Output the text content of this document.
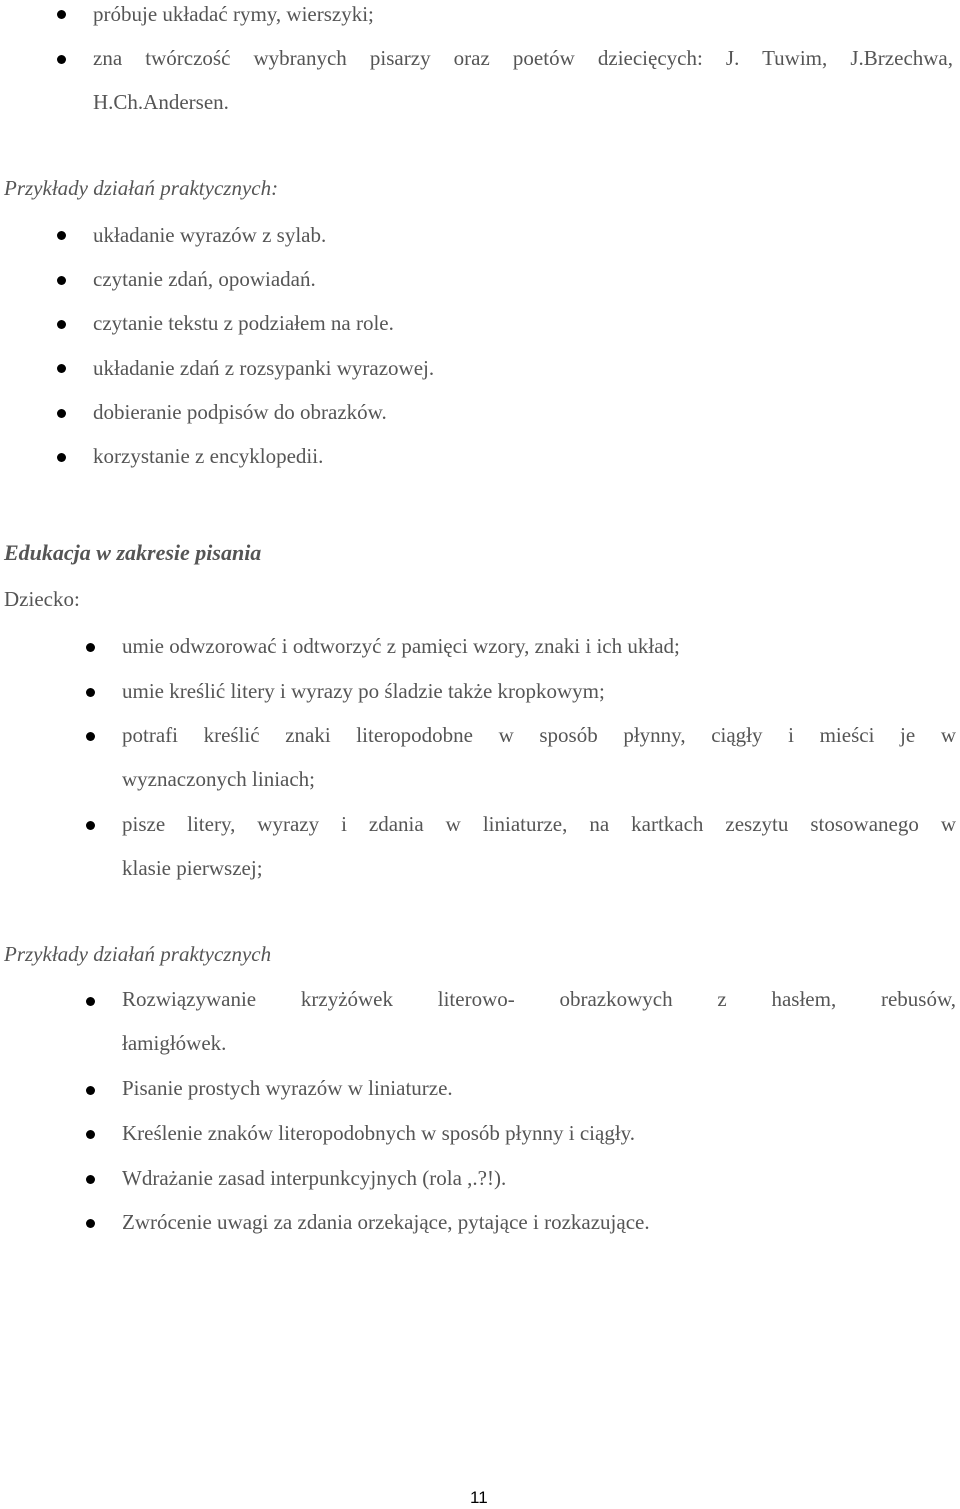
próbuje układać rymy, wierszyki;
zna twórczość wybranych pisarzy oraz poetów dziecięcych: J. Tuwim, J.Brzechwa,
H.Ch.Andersen.
Przykłady działań praktycznych:
układanie wyrazów z sylab.
czytanie zdań, opowiadań.
czytanie tekstu z podziałem na role.
układanie zdań z rozsypanki wyrazowej.
dobieranie podpisów do obrazków.
korzystanie z encyklopedii.
Edukacja w zakresie pisania
Dziecko:
umie odwzorować i odtworzyć z pamięci wzory, znaki i ich układ;
umie kreślić litery i wyrazy po śladzie także kropkowym;
potrafi kreślić znaki literopodobne w sposób płynny, ciągły i mieści je w
wyznaczonych liniach;
pisze litery, wyrazy i zdania w liniaturze, na kartkach zeszytu stosowanego w
klasie pierwszej;
Przykłady działań praktycznych
Rozwiązywanie krzyżówek literowo- obrazkowych z hasłem, rebusów,
łamigłówek.
Pisanie prostych wyrazów w liniaturze.
Kreślenie znaków literopodobnych w sposób płynny i ciągły.
Wdrażanie zasad interpunkcyjnych (rola ,.?!).
Zwrócenie uwagi za zdania orzekające, pytające i rozkazujące.
11
